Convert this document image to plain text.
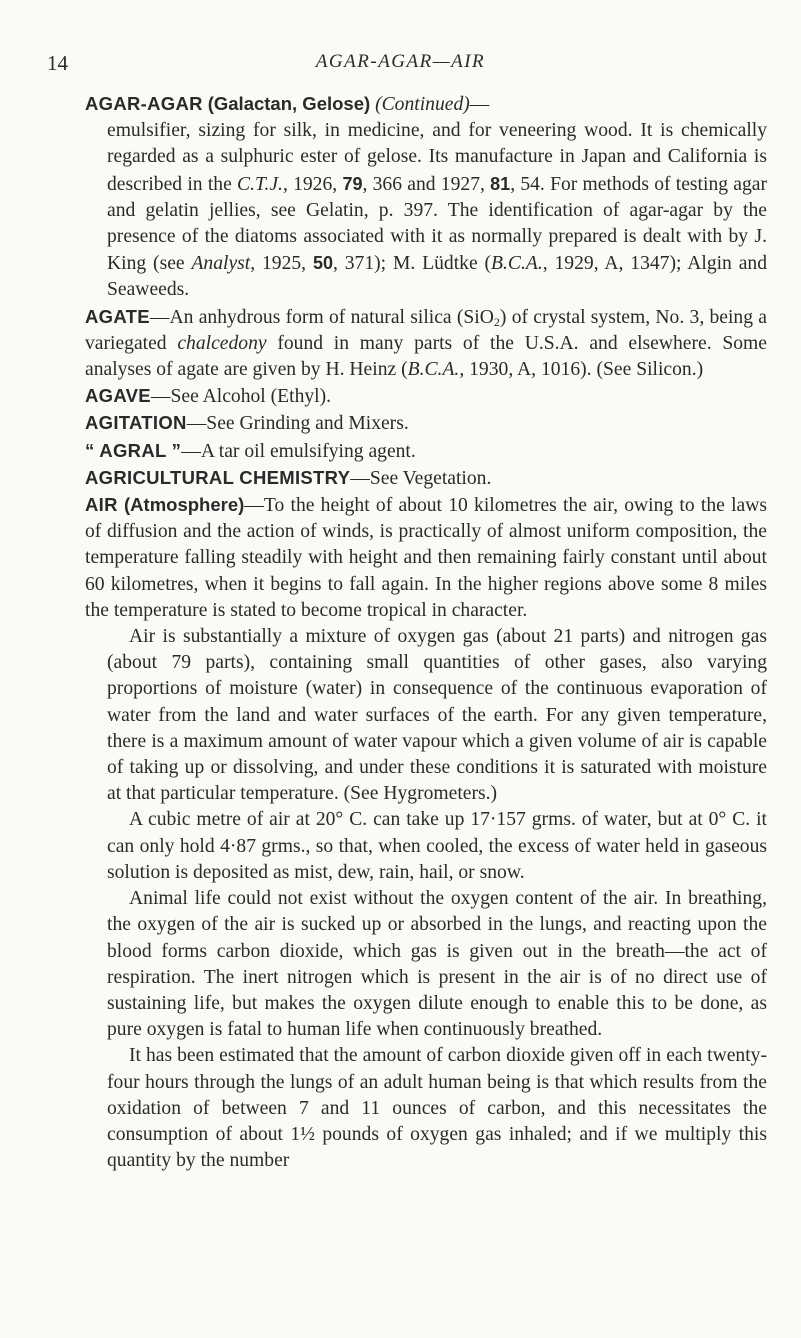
14	AGAR-AGAR—AIR

AGAR-AGAR (Galactan, Gelose) (Continued)—

emulsifier, sizing for silk, in medicine, and for veneering wood. It is chemically regarded as a sulphuric ester of gelose. Its manufacture in Japan and California is described in the C.T.J., 1926, 79, 366 and 1927, 81, 54. For methods of testing agar and gelatin jellies, see Gelatin, p. 397. The identification of agar-agar by the presence of the diatoms associated with it as normally prepared is dealt with by J. King (see Analyst, 1925, 50, 371); M. Lüdtke (B.C.A., 1929, A, 1347); Algin and Seaweeds.

AGATE—An anhydrous form of natural silica (SiO$_2$) of crystal system, No. 3, being a variegated chalcedony found in many parts of the U.S.A. and elsewhere. Some analyses of agate are given by H. Heinz (B.C.A., 1930, A, 1016). (See Silicon.)

AGAVE—See Alcohol (Ethyl).

AGITATION—See Grinding and Mixers.

“ AGRAL ”—A tar oil emulsifying agent.

AGRICULTURAL CHEMISTRY—See Vegetation.

AIR (Atmosphere)—To the height of about 10 kilometres the air, owing to the laws of diffusion and the action of winds, is practically of almost uniform composition, the temperature falling steadily with height and then remaining fairly constant until about 60 kilometres, when it begins to fall again. In the higher regions above some 8 miles the temperature is stated to become tropical in character.

Air is substantially a mixture of oxygen gas (about 21 parts) and nitrogen gas (about 79 parts), containing small quantities of other gases, also varying proportions of moisture (water) in consequence of the continuous evaporation of water from the land and water surfaces of the earth. For any given temperature, there is a maximum amount of water vapour which a given volume of air is capable of taking up or dissolving, and under these conditions it is saturated with moisture at that particular temperature. (See Hygrometers.)

A cubic metre of air at 20° C. can take up 17·157 grms. of water, but at 0° C. it can only hold 4·87 grms., so that, when cooled, the excess of water held in gaseous solution is deposited as mist, dew, rain, hail, or snow.

Animal life could not exist without the oxygen content of the air. In breathing, the oxygen of the air is sucked up or absorbed in the lungs, and reacting upon the blood forms carbon dioxide, which gas is given out in the breath—the act of respiration. The inert nitrogen which is present in the air is of no direct use of sustaining life, but makes the oxygen dilute enough to enable this to be done, as pure oxygen is fatal to human life when continuously breathed.

It has been estimated that the amount of carbon dioxide given off in each twenty-four hours through the lungs of an adult human being is that which results from the oxidation of between 7 and 11 ounces of carbon, and this necessitates the consumption of about 1½ pounds of oxygen gas inhaled; and if we multiply this quantity by the number
